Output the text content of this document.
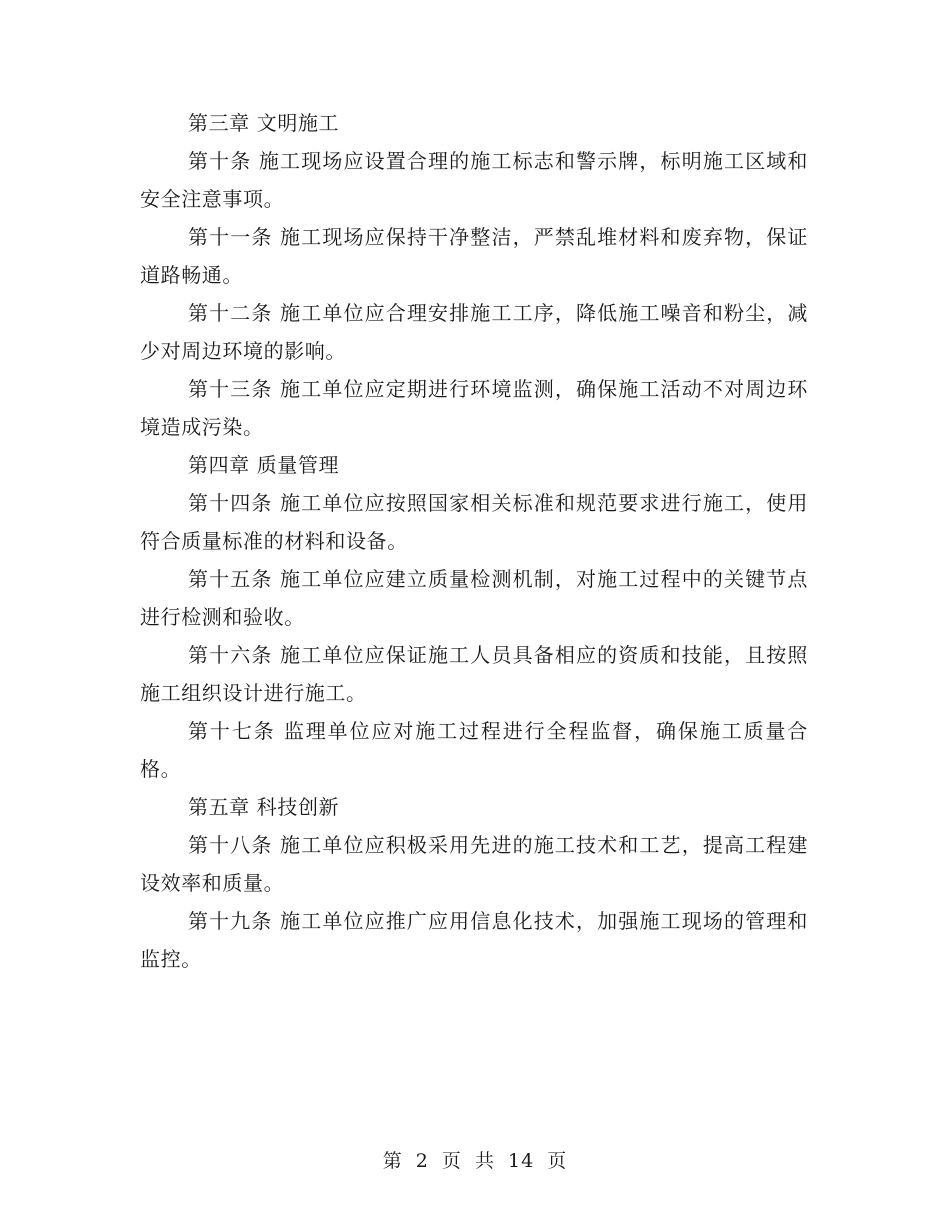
第三章 文明施工

第十条 施工现场应设置合理的施工标志和警示牌，标明施工区域和安全注意事项。

第十一条 施工现场应保持干净整洁，严禁乱堆材料和废弃物，保证道路畅通。

第十二条 施工单位应合理安排施工工序，降低施工噪音和粉尘，减少对周边环境的影响。

第十三条 施工单位应定期进行环境监测，确保施工活动不对周边环境造成污染。

第四章 质量管理

第十四条 施工单位应按照国家相关标准和规范要求进行施工，使用符合质量标准的材料和设备。

第十五条 施工单位应建立质量检测机制，对施工过程中的关键节点进行检测和验收。

第十六条 施工单位应保证施工人员具备相应的资质和技能，且按照施工组织设计进行施工。

第十七条 监理单位应对施工过程进行全程监督，确保施工质量合格。

第五章 科技创新

第十八条 施工单位应积极采用先进的施工技术和工艺，提高工程建设效率和质量。

第十九条 施工单位应推广应用信息化技术，加强施工现场的管理和监控。

第 2 页 共 14 页
